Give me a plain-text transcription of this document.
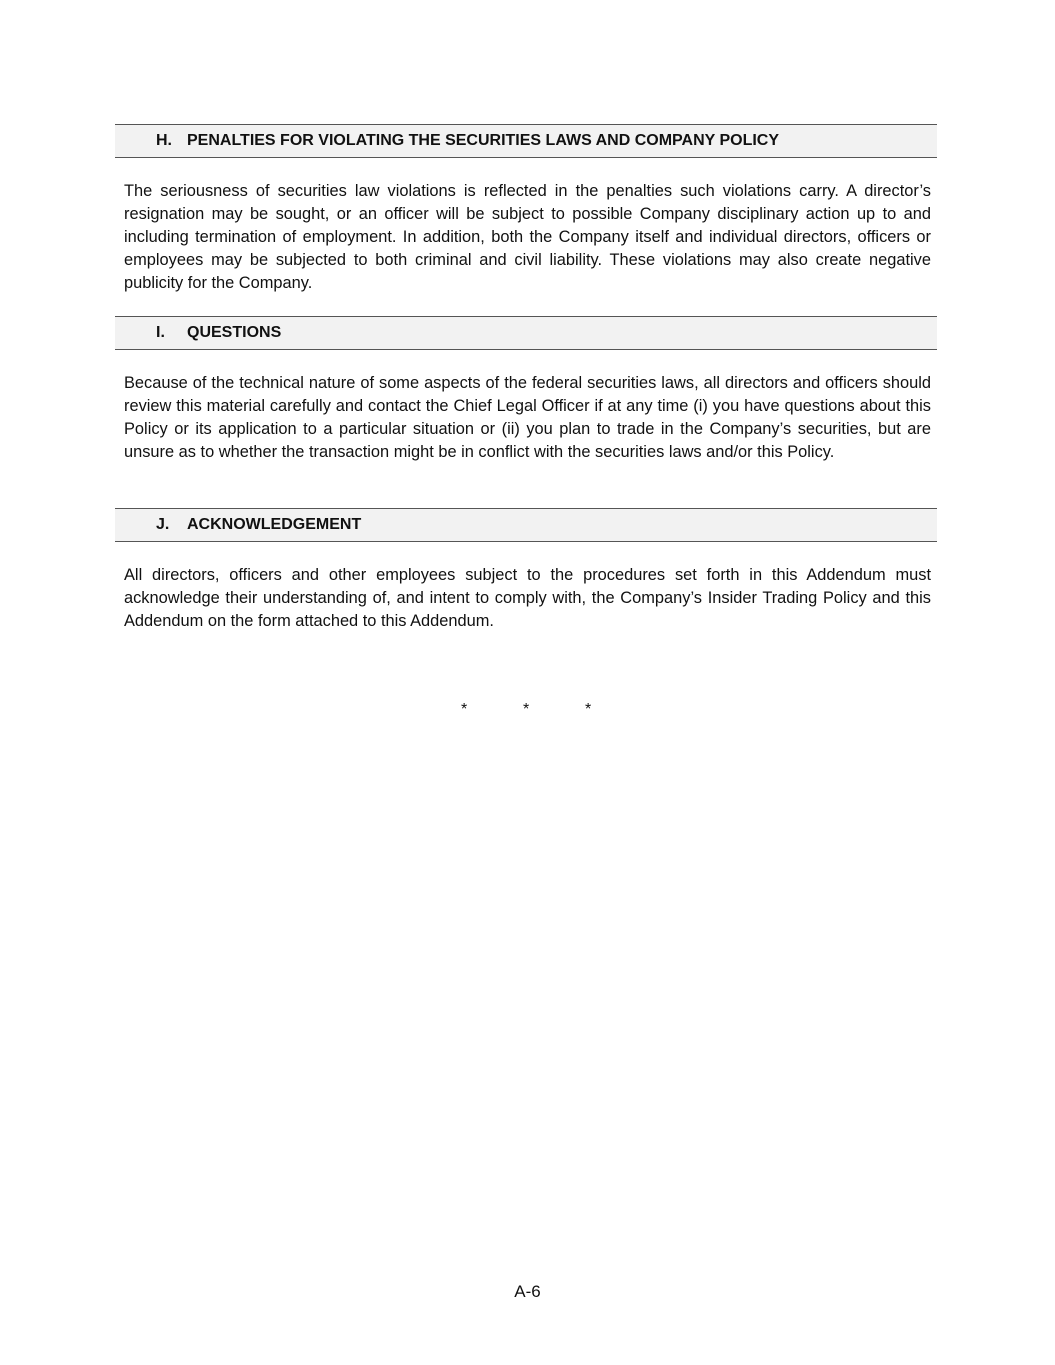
H. PENALTIES FOR VIOLATING THE SECURITIES LAWS AND COMPANY POLICY

The seriousness of securities law violations is reflected in the penalties such violations carry. A director’s resignation may be sought, or an officer will be subject to possible Company disciplinary action up to and including termination of employment. In addition, both the Company itself and individual directors, officers or employees may be subjected to both criminal and civil liability. These violations may also create negative publicity for the Company.

I. QUESTIONS

Because of the technical nature of some aspects of the federal securities laws, all directors and officers should review this material carefully and contact the Chief Legal Officer if at any time (i) you have questions about this Policy or its application to a particular situation or (ii) you plan to trade in the Company’s securities, but are unsure as to whether the transaction might be in conflict with the securities laws and/or this Policy.

J. ACKNOWLEDGEMENT

All directors, officers and other employees subject to the procedures set forth in this Addendum must acknowledge their understanding of, and intent to comply with, the Company’s Insider Trading Policy and this Addendum on the form attached to this Addendum.

*	*	*
A-6
